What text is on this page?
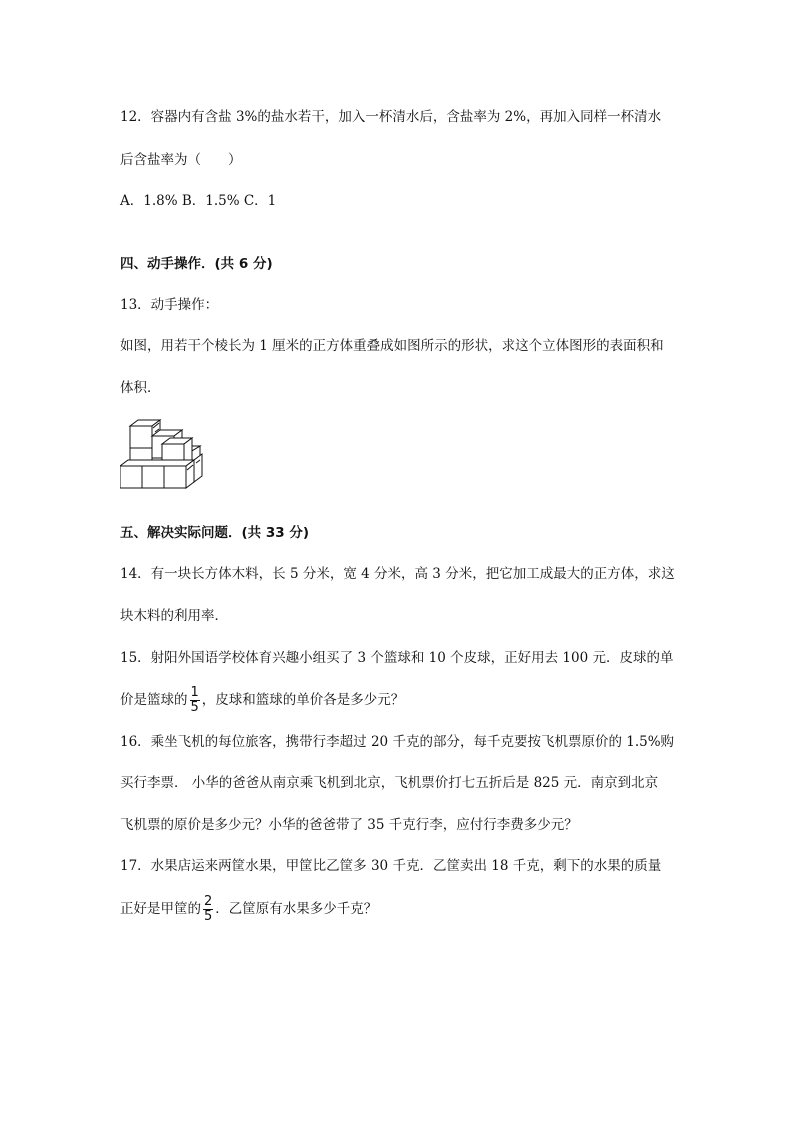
12．容器内有含盐 3%的盐水若干，加入一杯清水后，含盐率为 2%，再加入同样一杯清水
后含盐率为（　　）
A．1.8% B．1.5% C．1
四、动手操作．(共 6 分)
13．动手操作：
如图，用若干个棱长为 1 厘米的正方体重叠成如图所示的形状，求这个立体图形的表面积和
体积．
五、解决实际问题．(共 33 分)
14．有一块长方体木料，长 5 分米，宽 4 分米，高 3 分米，把它加工成最大的正方体，求这
块木料的利用率．
15．射阳外国语学校体育兴趣小组买了 3 个篮球和 10 个皮球，正好用去 100 元．皮球的单
价是篮球的 $\frac{1}{5}$ ，皮球和篮球的单价各是多少元？
16．乘坐飞机的每位旅客，携带行李超过 20 千克的部分，每千克要按飞机票原价的 1.5%购
买行李票． 小华的爸爸从南京乘飞机到北京，飞机票价打七五折后是 825 元．南京到北京
飞机票的原价是多少元？小华的爸爸带了 35 千克行李，应付行李费多少元？
17．水果店运来两筐水果，甲筐比乙筐多 30 千克．乙筐卖出 18 千克，剩下的水果的质量
正好是甲筐的 $\frac{2}{5}$ ．乙筐原有水果多少千克？
